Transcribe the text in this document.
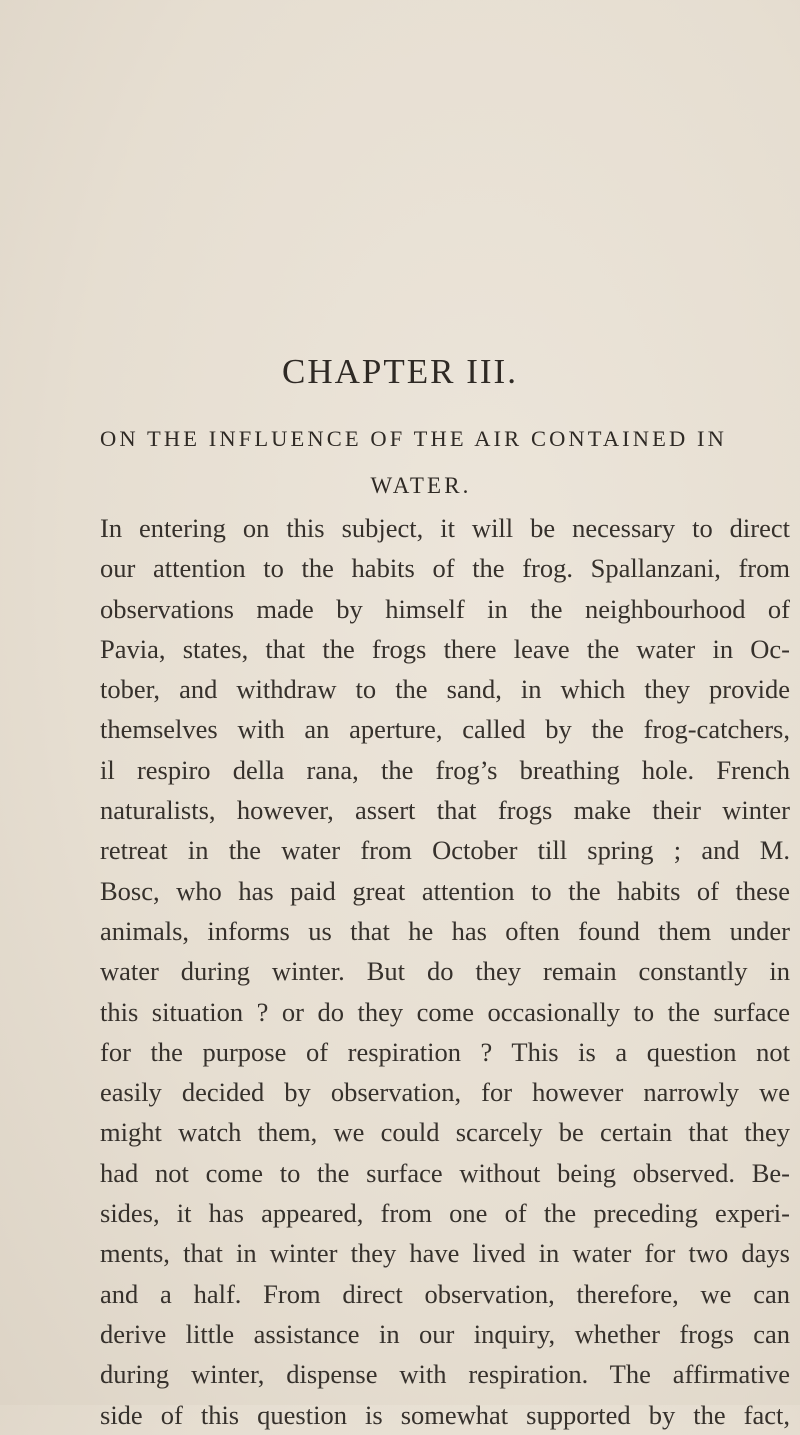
CHAPTER III.
ON THE INFLUENCE OF THE AIR CONTAINED IN
WATER.
In entering on this subject, it will be necessary to direct
our attention to the habits of the frog. Spallanzani, from
observations made by himself in the neighbourhood of
Pavia, states, that the frogs there leave the water in Oc-
tober, and withdraw to the sand, in which they provide
themselves with an aperture, called by the frog-catchers,
il respiro della rana, the frog’s breathing hole. French
naturalists, however, assert that frogs make their winter
retreat in the water from October till spring ; and M.
Bosc, who has paid great attention to the habits of these
animals, informs us that he has often found them under
water during winter. But do they remain constantly in
this situation ? or do they come occasionally to the surface
for the purpose of respiration ? This is a question not
easily decided by observation, for however narrowly we
might watch them, we could scarcely be certain that they
had not come to the surface without being observed. Be-
sides, it has appeared, from one of the preceding experi-
ments, that in winter they have lived in water for two days
and a half. From direct observation, therefore, we can
derive little assistance in our inquiry, whether frogs can
during winter, dispense with respiration. The affirmative
side of this question is somewhat supported by the fact,
